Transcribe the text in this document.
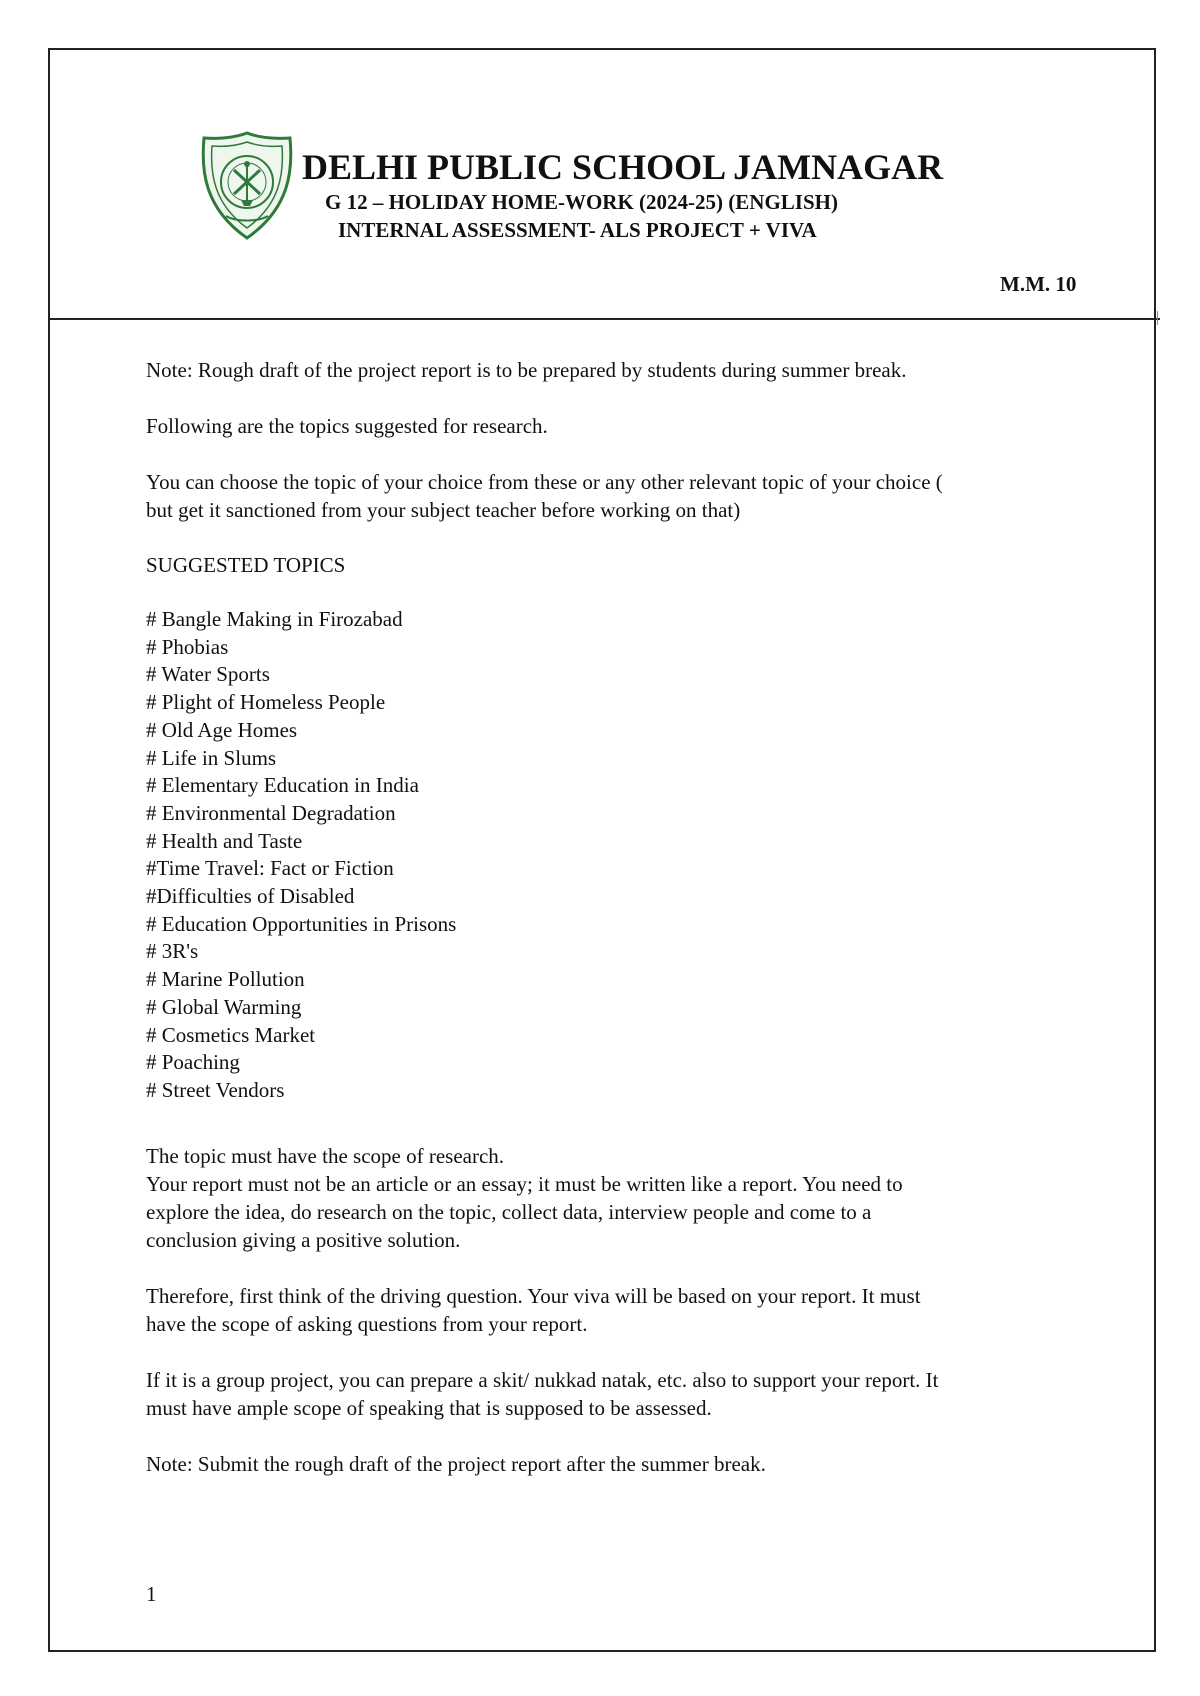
DELHI PUBLIC SCHOOL JAMNAGAR
G 12 – HOLIDAY HOME-WORK (2024-25) (ENGLISH)
INTERNAL ASSESSMENT- ALS PROJECT + VIVA
M.M. 10
Note: Rough draft of the project report is to be prepared by students during summer break.
Following are the topics suggested for research.
You can choose the topic of your choice from these or any other relevant topic of your choice (
but get it sanctioned from your subject teacher before working on that)
SUGGESTED TOPICS
# Bangle Making in Firozabad
# Phobias
# Water Sports
# Plight of Homeless People
# Old Age Homes
# Life in Slums
# Elementary Education in India
# Environmental Degradation
# Health and Taste
#Time Travel: Fact or Fiction
#Difficulties of Disabled
# Education Opportunities in Prisons
# 3R's
# Marine Pollution
# Global Warming
# Cosmetics Market
# Poaching
# Street Vendors
The topic must have the scope of research.
Your report must not be an article or an essay; it must be written like a report. You need to
explore the idea, do research on the topic, collect data, interview people and come to a
conclusion giving a positive solution.
Therefore, first think of the driving question. Your viva will be based on your report. It must
have the scope of asking questions from your report.
If it is a group project, you can prepare a skit/ nukkad natak, etc. also to support your report. It
must have ample scope of speaking that is supposed to be assessed.
Note: Submit the rough draft of the project report after the summer break.
1
